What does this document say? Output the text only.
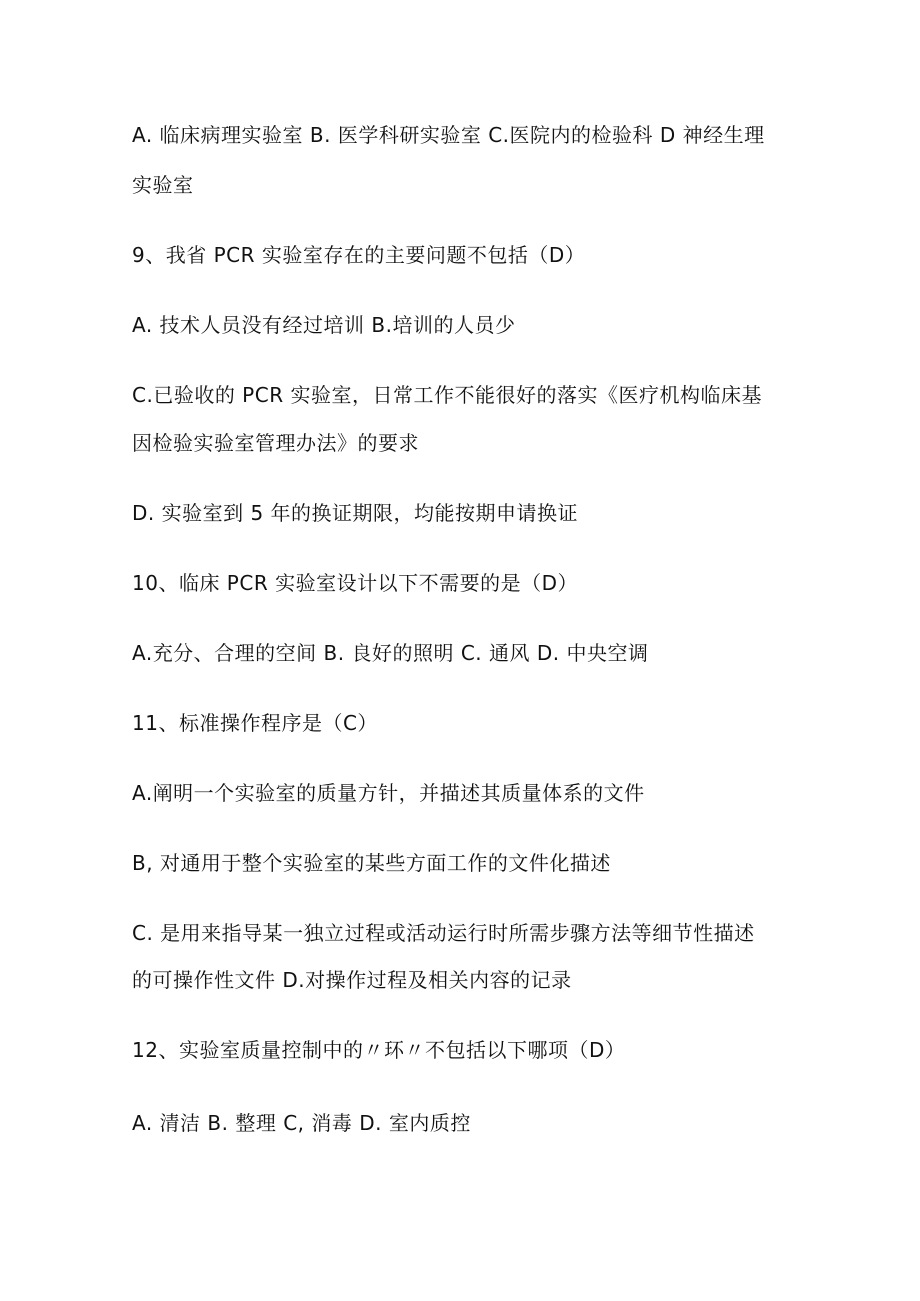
A. 临床病理实验室 B. 医学科研实验室 C.医院内的检验科 D 神经生理
实验室
9、我省 PCR 实验室存在的主要问题不包括（D）
A. 技术人员没有经过培训 B.培训的人员少
C.已验收的 PCR 实验室，日常工作不能很好的落实《医疗机构临床基
因检验实验室管理办法》的要求
D. 实验室到 5 年的换证期限，均能按期申请换证
10、临床 PCR 实验室设计以下不需要的是（D）
A.充分、合理的空间 B. 良好的照明 C. 通风 D. 中央空调
11、标准操作程序是（C）
A.阐明一个实验室的质量方针，并描述其质量体系的文件
B, 对通用于整个实验室的某些方面工作的文件化描述
C. 是用来指导某一独立过程或活动运行时所需步骤方法等细节性描述
的可操作性文件 D.对操作过程及相关内容的记录
12、实验室质量控制中的〃环〃不包括以下哪项（D）
A. 清洁 B. 整理 C, 消毒 D. 室内质控
